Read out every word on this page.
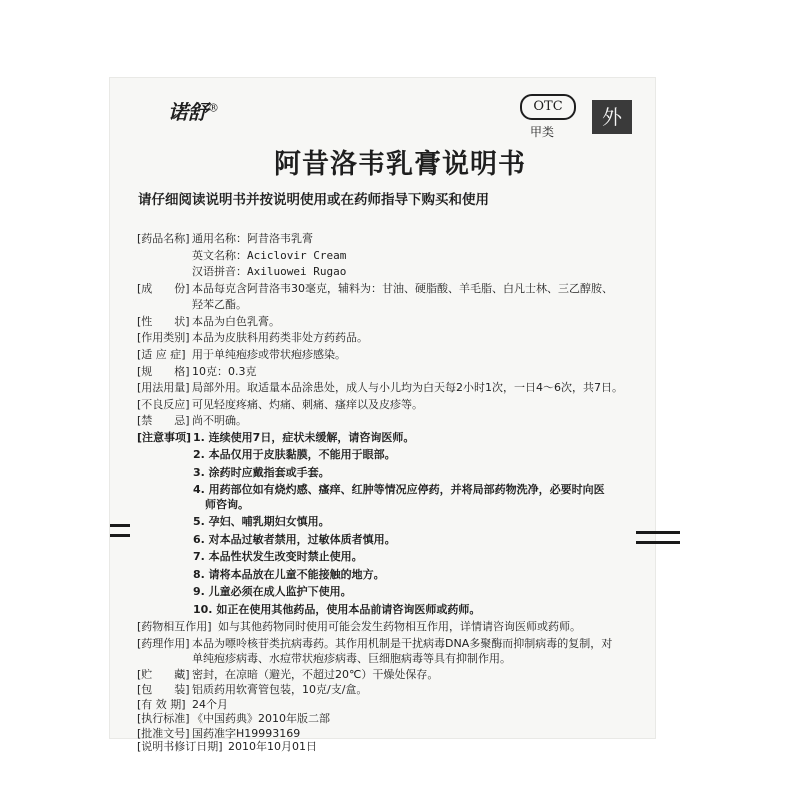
诺舒®	OTC
甲类
外
阿昔洛韦乳膏说明书
请仔细阅读说明书并按说明使用或在药师指导下购买和使用
[药品名称] 通用名称：阿昔洛韦乳膏
英文名称：Aciclovir Cream
汉语拼音：Axiluowei Rugao
[成　　份] 本品每克含阿昔洛韦30毫克，辅料为：甘油、硬脂酸、羊毛脂、白凡士林、三乙醇胺、
羟苯乙酯。
[性　　状] 本品为白色乳膏。
[作用类别] 本品为皮肤科用药类非处方药药品。
[适 应 症] 用于单纯疱疹或带状疱疹感染。
[规　　格] 10克：0.3克
[用法用量] 局部外用。取适量本品涂患处，成人与小儿均为白天每2小时1次，一日4～6次，共7日。
[不良反应] 可见轻度疼痛、灼痛、刺痛、瘙痒以及皮疹等。
[禁　　忌] 尚不明确。
[注意事项] 1. 连续使用7日，症状未缓解，请咨询医师。
2. 本品仅用于皮肤黏膜，不能用于眼部。
3. 涂药时应戴指套或手套。
4. 用药部位如有烧灼感、瘙痒、红肿等情况应停药，并将局部药物洗净，必要时向医
师咨询。
5. 孕妇、哺乳期妇女慎用。
6. 对本品过敏者禁用，过敏体质者慎用。
7. 本品性状发生改变时禁止使用。
8. 请将本品放在儿童不能接触的地方。
9. 儿童必须在成人监护下使用。
10. 如正在使用其他药品，使用本品前请咨询医师或药师。
[药物相互作用] 如与其他药物同时使用可能会发生药物相互作用，详情请咨询医师或药师。
[药理作用] 本品为嘌呤核苷类抗病毒药。其作用机制是干扰病毒DNA多聚酶而抑制病毒的复制，对
单纯疱疹病毒、水痘带状疱疹病毒、巨细胞病毒等具有抑制作用。
[贮　　藏] 密封，在凉暗（避光，不超过20℃）干燥处保存。
[包　　装] 铝质药用软膏管包装，10克/支/盒。
[有 效 期] 24个月
[执行标准] 《中国药典》2010年版二部
[批准文号] 国药准字H19993169
[说明书修订日期] 2010年10月01日
